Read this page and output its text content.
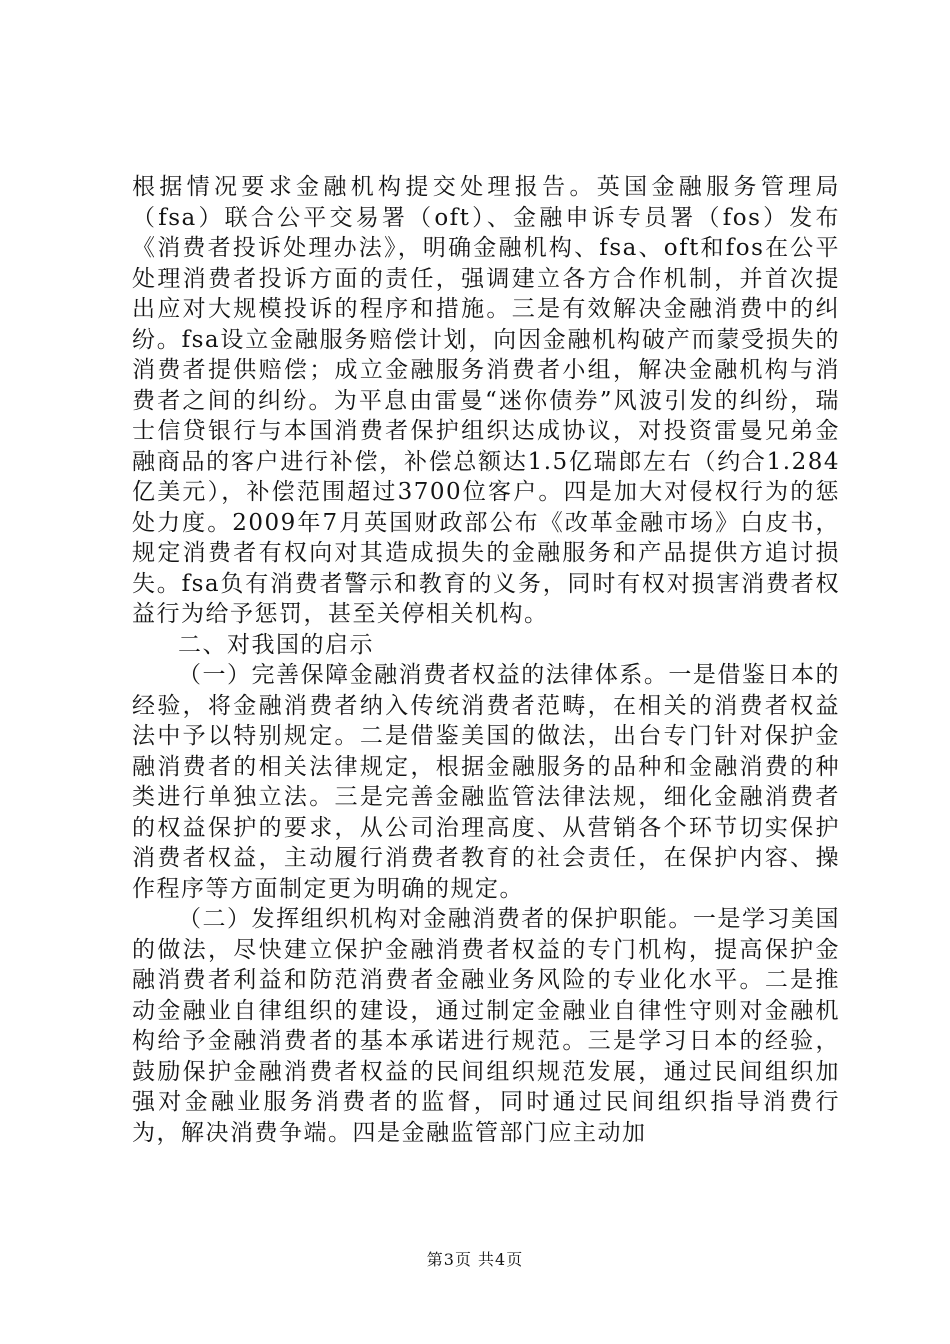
根据情况要求金融机构提交处理报告。英国金融服务管理局（fsa）联合公平交易署（oft）、金融申诉专员署（fos）发布《消费者投诉处理办法》，明确金融机构、fsa、oft和fos在公平处理消费者投诉方面的责任，强调建立各方合作机制，并首次提出应对大规模投诉的程序和措施。三是有效解决金融消费中的纠纷。fsa设立金融服务赔偿计划，向因金融机构破产而蒙受损失的消费者提供赔偿；成立金融服务消费者小组，解决金融机构与消费者之间的纠纷。为平息由雷曼“迷你债券”风波引发的纠纷，瑞士信贷银行与本国消费者保护组织达成协议，对投资雷曼兄弟金融商品的客户进行补偿，补偿总额达1.5亿瑞郎左右（约合1.284亿美元），补偿范围超过3700位客户。四是加大对侵权行为的惩处力度。2009年7月英国财政部公布《改革金融市场》白皮书，规定消费者有权向对其造成损失的金融服务和产品提供方追讨损失。fsa负有消费者警示和教育的义务，同时有权对损害消费者权益行为给予惩罚，甚至关停相关机构。

二、对我国的启示

（一）完善保障金融消费者权益的法律体系。一是借鉴日本的经验，将金融消费者纳入传统消费者范畴，在相关的消费者权益法中予以特别规定。二是借鉴美国的做法，出台专门针对保护金融消费者的相关法律规定，根据金融服务的品种和金融消费的种类进行单独立法。三是完善金融监管法律法规，细化金融消费者的权益保护的要求，从公司治理高度、从营销各个环节切实保护消费者权益，主动履行消费者教育的社会责任，在保护内容、操作程序等方面制定更为明确的规定。

（二）发挥组织机构对金融消费者的保护职能。一是学习美国的做法，尽快建立保护金融消费者权益的专门机构，提高保护金融消费者利益和防范消费者金融业务风险的专业化水平。二是推动金融业自律组织的建设，通过制定金融业自律性守则对金融机构给予金融消费者的基本承诺进行规范。三是学习日本的经验，鼓励保护金融消费者权益的民间组织规范发展，通过民间组织加强对金融业服务消费者的监督，同时通过民间组织指导消费行为，解决消费争端。四是金融监管部门应主动加

第3页 共4页
